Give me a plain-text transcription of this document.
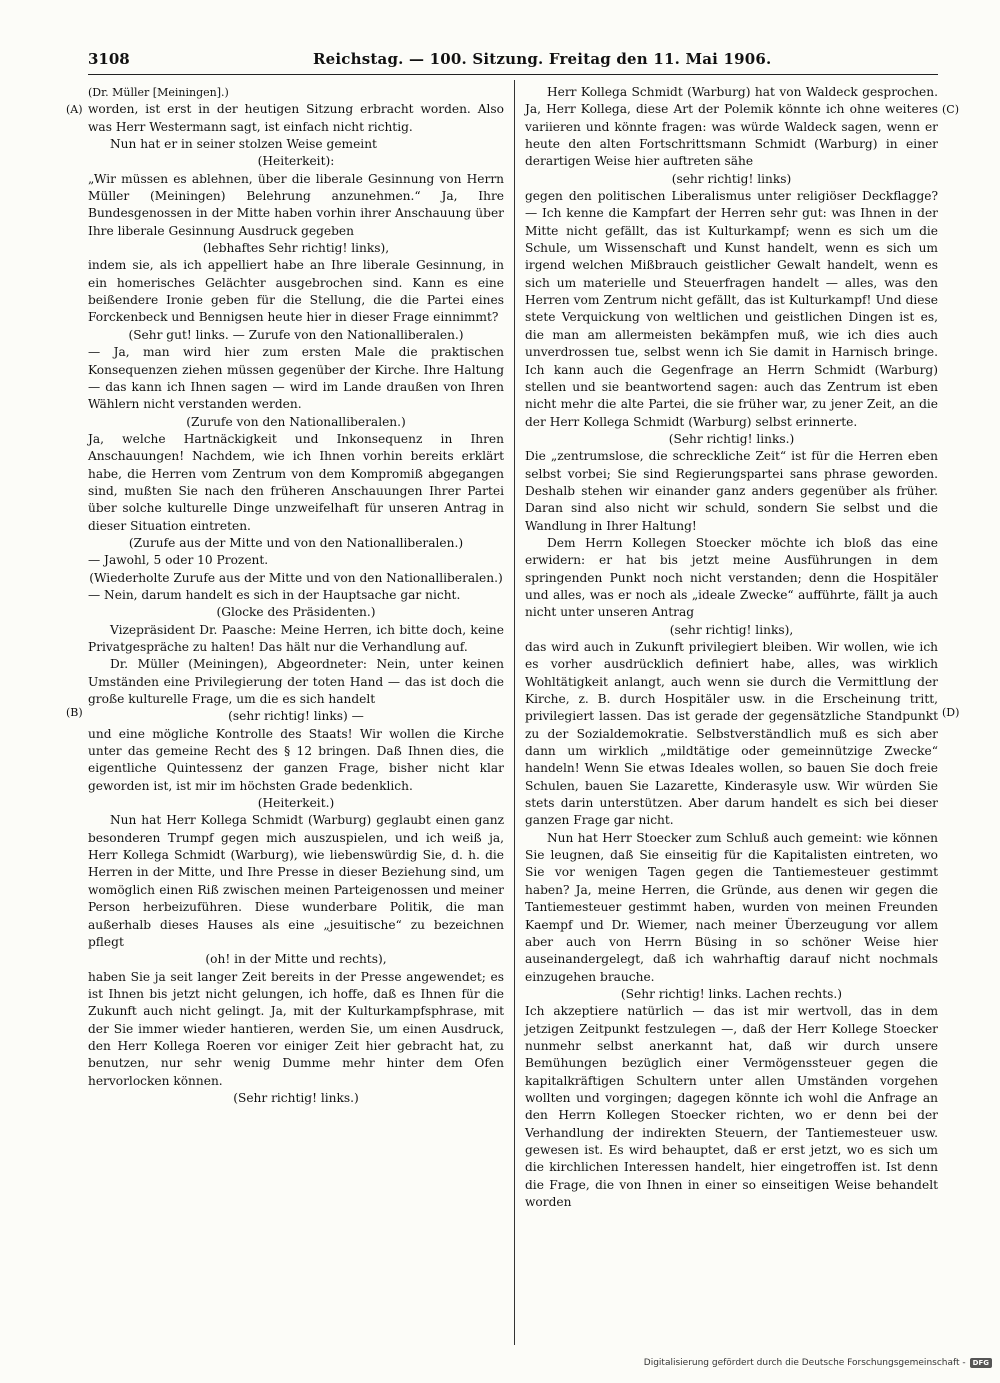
3108	Reichstag. — 100. Sitzung. Freitag den 11. Mai 1906.

(Dr. Müller [Meiningen].)

worden, ist erst in der heutigen Sitzung erbracht worden. Also was Herr Westermann sagt, ist einfach nicht richtig.

Nun hat er in seiner stolzen Weise gemeint

(Heiterkeit):

„Wir müssen es ablehnen, über die liberale Gesinnung von Herrn Müller (Meiningen) Belehrung anzunehmen.“ Ja, Ihre Bundesgenossen in der Mitte haben vorhin ihrer Anschauung über Ihre liberale Gesinnung Ausdruck gegeben

(lebhaftes Sehr richtig! links),

indem sie, als ich appelliert habe an Ihre liberale Gesinnung, in ein homerisches Gelächter ausgebrochen sind. Kann es eine beißendere Ironie geben für die Stellung, die die Partei eines Forckenbeck und Bennigsen heute hier in dieser Frage einnimmt?

(Sehr gut! links. — Zurufe von den Nationalliberalen.)

— Ja, man wird hier zum ersten Male die praktischen Konsequenzen ziehen müssen gegenüber der Kirche. Ihre Haltung — das kann ich Ihnen sagen — wird im Lande draußen von Ihren Wählern nicht verstanden werden.

(Zurufe von den Nationalliberalen.)

Ja, welche Hartnäckigkeit und Inkonsequenz in Ihren Anschauungen! Nachdem, wie ich Ihnen vorhin bereits erklärt habe, die Herren vom Zentrum von dem Kompromiß abgegangen sind, mußten Sie nach den früheren Anschauungen Ihrer Partei über solche kulturelle Dinge unzweifelhaft für unseren Antrag in dieser Situation eintreten.

(Zurufe aus der Mitte und von den Nationalliberalen.)

— Jawohl, 5 oder 10 Prozent.

(Wiederholte Zurufe aus der Mitte und von den Nationalliberalen.)

— Nein, darum handelt es sich in der Hauptsache gar nicht.

(Glocke des Präsidenten.)

Vizepräsident Dr. Paasche: Meine Herren, ich bitte doch, keine Privatgespräche zu halten! Das hält nur die Verhandlung auf.

Dr. Müller (Meiningen), Abgeordneter: Nein, unter keinen Umständen eine Privilegierung der toten Hand — das ist doch die große kulturelle Frage, um die es sich handelt

(sehr richtig! links) —

und eine mögliche Kontrolle des Staats! Wir wollen die Kirche unter das gemeine Recht des § 12 bringen. Daß Ihnen dies, die eigentliche Quintessenz der ganzen Frage, bisher nicht klar geworden ist, ist mir im höchsten Grade bedenklich.

(Heiterkeit.)

Nun hat Herr Kollega Schmidt (Warburg) geglaubt einen ganz besonderen Trumpf gegen mich auszuspielen, und ich weiß ja, Herr Kollega Schmidt (Warburg), wie liebenswürdig Sie, d. h. die Herren in der Mitte, und Ihre Presse in dieser Beziehung sind, um womöglich einen Riß zwischen meinen Parteigenossen und meiner Person herbeizuführen. Diese wunderbare Politik, die man außerhalb dieses Hauses als eine „jesuitische“ zu bezeichnen pflegt

(oh! in der Mitte und rechts),

haben Sie ja seit langer Zeit bereits in der Presse angewendet; es ist Ihnen bis jetzt nicht gelungen, ich hoffe, daß es Ihnen für die Zukunft auch nicht gelingt. Ja, mit der Kulturkampfsphrase, mit der Sie immer wieder hantieren, werden Sie, um einen Ausdruck, den Herr Kollega Roeren vor einiger Zeit hier gebracht hat, zu benutzen, nur sehr wenig Dumme mehr hinter dem Ofen hervorlocken können.

(Sehr richtig! links.)

Herr Kollega Schmidt (Warburg) hat von Waldeck gesprochen. Ja, Herr Kollega, diese Art der Polemik könnte ich ohne weiteres variieren und könnte fragen: was würde Waldeck sagen, wenn er heute den alten Fortschrittsmann Schmidt (Warburg) in einer derartigen Weise hier auftreten sähe

(sehr richtig! links)

gegen den politischen Liberalismus unter religiöser Deckflagge? — Ich kenne die Kampfart der Herren sehr gut: was Ihnen in der Mitte nicht gefällt, das ist Kulturkampf; wenn es sich um die Schule, um Wissenschaft und Kunst handelt, wenn es sich um irgend welchen Mißbrauch geistlicher Gewalt handelt, wenn es sich um materielle und Steuerfragen handelt — alles, was den Herren vom Zentrum nicht gefällt, das ist Kulturkampf! Und diese stete Verquickung von weltlichen und geistlichen Dingen ist es, die man am allermeisten bekämpfen muß, wie ich dies auch unverdrossen tue, selbst wenn ich Sie damit in Harnisch bringe. Ich kann auch die Gegenfrage an Herrn Schmidt (Warburg) stellen und sie beantwortend sagen: auch das Zentrum ist eben nicht mehr die alte Partei, die sie früher war, zu jener Zeit, an die der Herr Kollega Schmidt (Warburg) selbst erinnerte.

(Sehr richtig! links.)

Die „zentrumslose, die schreckliche Zeit“ ist für die Herren eben selbst vorbei; Sie sind Regierungspartei sans phrase geworden. Deshalb stehen wir einander ganz anders gegenüber als früher. Daran sind also nicht wir schuld, sondern Sie selbst und die Wandlung in Ihrer Haltung!

Dem Herrn Kollegen Stoecker möchte ich bloß das eine erwidern: er hat bis jetzt meine Ausführungen in dem springenden Punkt noch nicht verstanden; denn die Hospitäler und alles, was er noch als „ideale Zwecke“ aufführte, fällt ja auch nicht unter unseren Antrag

(sehr richtig! links),

das wird auch in Zukunft privilegiert bleiben. Wir wollen, wie ich es vorher ausdrücklich definiert habe, alles, was wirklich Wohltätigkeit anlangt, auch wenn sie durch die Vermittlung der Kirche, z. B. durch Hospitäler usw. in die Erscheinung tritt, privilegiert lassen. Das ist gerade der gegensätzliche Standpunkt zu der Sozialdemokratie. Selbstverständlich muß es sich aber dann um wirklich „mildtätige oder gemeinnützige Zwecke“ handeln! Wenn Sie etwas Ideales wollen, so bauen Sie doch freie Schulen, bauen Sie Lazarette, Kinderasyle usw. Wir würden Sie stets darin unterstützen. Aber darum handelt es sich bei dieser ganzen Frage gar nicht.

Nun hat Herr Stoecker zum Schluß auch gemeint: wie können Sie leugnen, daß Sie einseitig für die Kapitalisten eintreten, wo Sie vor wenigen Tagen gegen die Tantiemesteuer gestimmt haben? Ja, meine Herren, die Gründe, aus denen wir gegen die Tantiemesteuer gestimmt haben, wurden von meinen Freunden Kaempf und Dr. Wiemer, nach meiner Überzeugung vor allem aber auch von Herrn Büsing in so schöner Weise hier auseinandergelegt, daß ich wahrhaftig darauf nicht nochmals einzugehen brauche.

(Sehr richtig! links. Lachen rechts.)

Ich akzeptiere natürlich — das ist mir wertvoll, das in dem jetzigen Zeitpunkt festzulegen —, daß der Herr Kollege Stoecker nunmehr selbst anerkannt hat, daß wir durch unsere Bemühungen bezüglich einer Vermögenssteuer gegen die kapitalkräftigen Schultern unter allen Umständen vorgehen wollten und vorgingen; dagegen könnte ich wohl die Anfrage an den Herrn Kollegen Stoecker richten, wo er denn bei der Verhandlung der indirekten Steuern, der Tantiemesteuer usw. gewesen ist. Es wird behauptet, daß er erst jetzt, wo es sich um die kirchlichen Interessen handelt, hier eingetroffen ist. Ist denn die Frage, die von Ihnen in einer so einseitigen Weise behandelt worden

(A)
(B)
(C)
(D)
Digitalisierung gefördert durch die Deutsche Forschungsgemeinschaft - DFG
